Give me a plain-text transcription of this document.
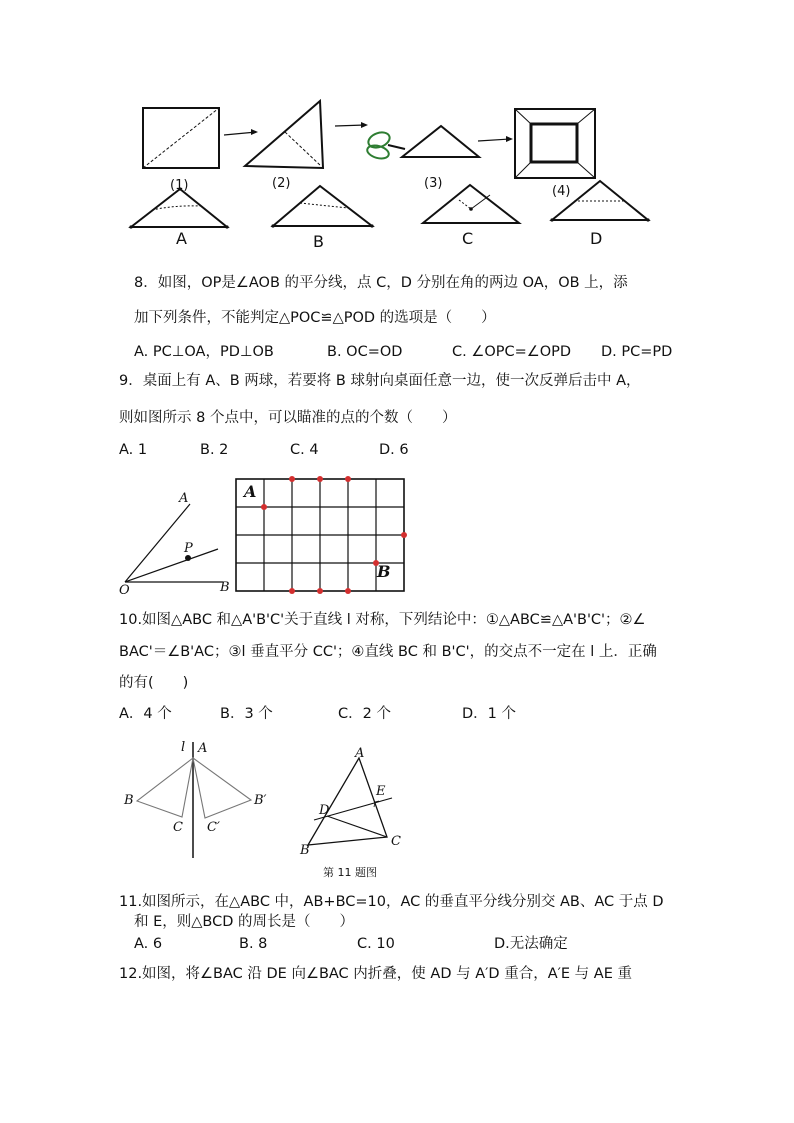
(1)	(2)	(3)
(4)
A	B	C	D
8．如图，OP是∠AOB 的平分线，点 C，D 分别在角的两边 OA，OB 上，添
加下列条件，不能判定△POC≌△POD 的选项是（　　）
A. PC⊥OA，PD⊥OB	B. OC=OD	C. ∠OPC=∠OPD D. PC=PD
9．桌面上有 A、B 两球，若要将 B 球射向桌面任意一边，使一次反弹后击中 A，
则如图所示 8 个点中，可以瞄准的点的个数（　　）
A. 1	B. 2	C. 4	D. 6
A
P
O	B
A
B
10.如图△ABC 和△A'B'C'关于直线 l 对称，下列结论中：①△ABC≌△A'B'C'；②∠
BAC'＝∠B'AC；③l 垂直平分 CC'；④直线 BC 和 B'C'，的交点不一定在 l 上．正确
的有(　　)
A．4 个	B．3 个	C．2 个	D．1 个
l A
B
C C′
B′
A
E
D
B
C
第 11 题图
11.如图所示，在△ABC 中，AB+BC=10，AC 的垂直平分线分别交 AB、AC 于点 D
和 E，则△BCD 的周长是（　　）
A. 6	B. 8	C. 10	D.无法确定
12.如图，将∠BAC 沿 DE 向∠BAC 内折叠，使 AD 与 A′D 重合，A′E 与 AE 重
